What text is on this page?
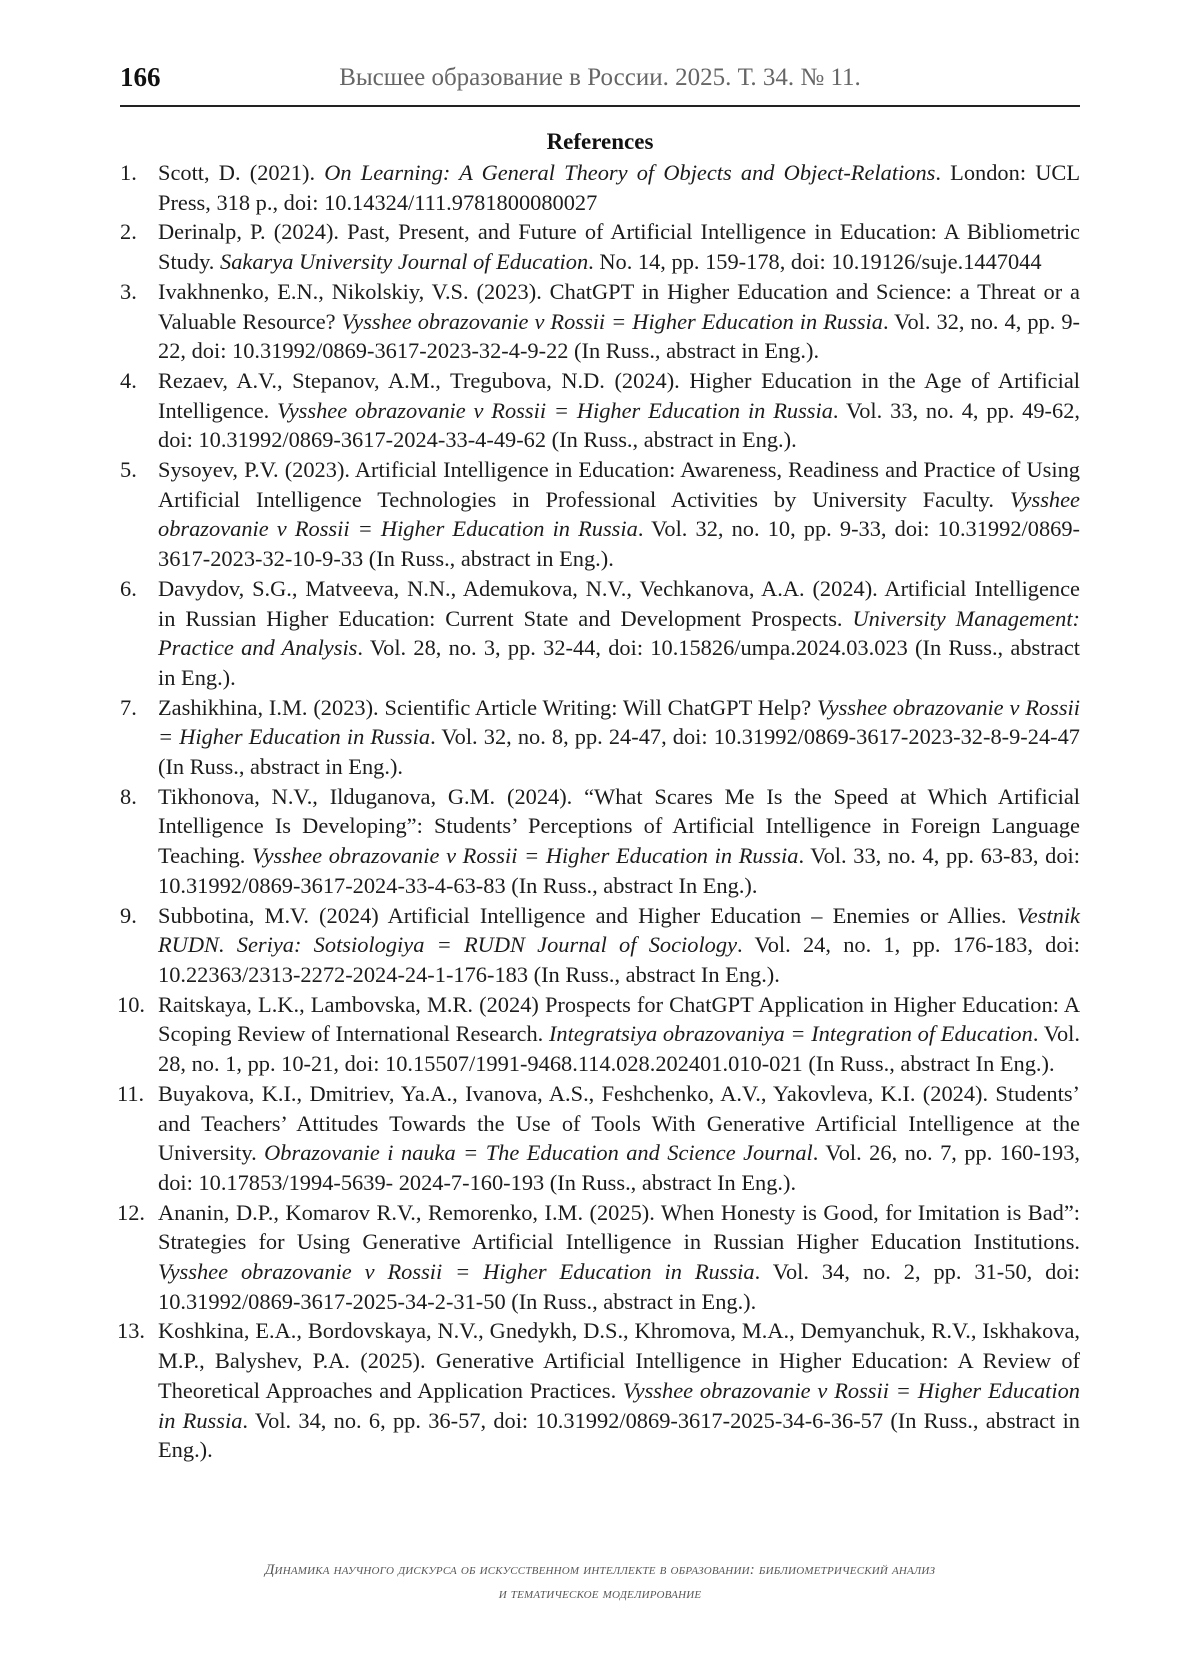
166	Высшее образование в России. 2025. Т. 34. № 11.
References
1. Scott, D. (2021). On Learning: A General Theory of Objects and Object-Relations. London: UCL Press, 318 p., doi: 10.14324/111.9781800080027
2. Derinalp, P. (2024). Past, Present, and Future of Artificial Intelligence in Education: A Bibliometric Study. Sakarya University Journal of Education. No. 14, pp. 159-178, doi: 10.19126/suje.1447044
3. Ivakhnenko, E.N., Nikolskiy, V.S. (2023). ChatGPT in Higher Education and Science: a Threat or a Valuable Resource? Vysshee obrazovanie v Rossii = Higher Education in Russia. Vol. 32, no. 4, pp. 9-22, doi: 10.31992/0869-3617-2023-32-4-9-22 (In Russ., abstract in Eng.).
4. Rezaev, A.V., Stepanov, A.M., Tregubova, N.D. (2024). Higher Education in the Age of Artificial Intelligence. Vysshee obrazovanie v Rossii = Higher Education in Russia. Vol. 33, no. 4, pp. 49-62, doi: 10.31992/0869-3617-2024-33-4-49-62 (In Russ., abstract in Eng.).
5. Sysoyev, P.V. (2023). Artificial Intelligence in Education: Awareness, Readiness and Practice of Using Artificial Intelligence Technologies in Professional Activities by University Faculty. Vysshee obrazovanie v Rossii = Higher Education in Russia. Vol. 32, no. 10, pp. 9-33, doi: 10.31992/0869-3617-2023-32-10-9-33 (In Russ., abstract in Eng.).
6. Davydov, S.G., Matveeva, N.N., Ademukova, N.V., Vechkanova, A.A. (2024). Artificial Intelligence in Russian Higher Education: Current State and Development Prospects. University Management: Practice and Analysis. Vol. 28, no. 3, pp. 32-44, doi: 10.15826/umpa.2024.03.023 (In Russ., abstract in Eng.).
7. Zashikhina, I.M. (2023). Scientific Article Writing: Will ChatGPT Help? Vysshee obrazovanie v Rossii = Higher Education in Russia. Vol. 32, no. 8, pp. 24-47, doi: 10.31992/0869-3617-2023-32-8-9-24-47 (In Russ., abstract in Eng.).
8. Tikhonova, N.V., Ilduganova, G.M. (2024). “What Scares Me Is the Speed at Which Artificial Intelligence Is Developing”: Students’ Perceptions of Artificial Intelligence in Foreign Language Teaching. Vysshee obrazovanie v Rossii = Higher Education in Russia. Vol. 33, no. 4, pp. 63-83, doi: 10.31992/0869-3617-2024-33-4-63-83 (In Russ., abstract In Eng.).
9. Subbotina, M.V. (2024) Artificial Intelligence and Higher Education – Enemies or Allies. Vestnik RUDN. Seriya: Sotsiologiya = RUDN Journal of Sociology. Vol. 24, no. 1, pp. 176-183, doi: 10.22363/2313-2272-2024-24-1-176-183 (In Russ., abstract In Eng.).
10. Raitskaya, L.K., Lambovska, M.R. (2024) Prospects for ChatGPT Application in Higher Education: A Scoping Review of International Research. Integratsiya obrazovaniya = Integration of Education. Vol. 28, no. 1, pp. 10-21, doi: 10.15507/1991-9468.114.028.202401.010-021 (In Russ., abstract In Eng.).
11. Buyakova, K.I., Dmitriev, Ya.A., Ivanova, A.S., Feshchenko, A.V., Yakovleva, K.I. (2024). Students’ and Teachers’ Attitudes Towards the Use of Tools With Generative Artificial Intelligence at the University. Obrazovanie i nauka = The Education and Science Journal. Vol. 26, no. 7, pp. 160-193, doi: 10.17853/1994-5639- 2024-7-160-193 (In Russ., abstract In Eng.).
12. Ananin, D.P., Komarov R.V., Remorenko, I.M. (2025). When Honesty is Good, for Imitation is Bad”: Strategies for Using Generative Artificial Intelligence in Russian Higher Education Institutions. Vysshee obrazovanie v Rossii = Higher Education in Russia. Vol. 34, no. 2, pp. 31-50, doi: 10.31992/0869-3617-2025-34-2-31-50 (In Russ., abstract in Eng.).
13. Koshkina, E.A., Bordovskaya, N.V., Gnedykh, D.S., Khromova, M.A., Demyanchuk, R.V., Iskhakova, M.P., Balyshev, P.A. (2025). Generative Artificial Intelligence in Higher Education: A Review of Theoretical Approaches and Application Practices. Vysshee obrazovanie v Rossii = Higher Education in Russia. Vol. 34, no. 6, pp. 36-57, doi: 10.31992/0869-3617-2025-34-6-36-57 (In Russ., abstract in Eng.).
Динамика научного дискурса об искусственном интеллекте в образовании: библиометрический анализ
и тематическое моделирование
